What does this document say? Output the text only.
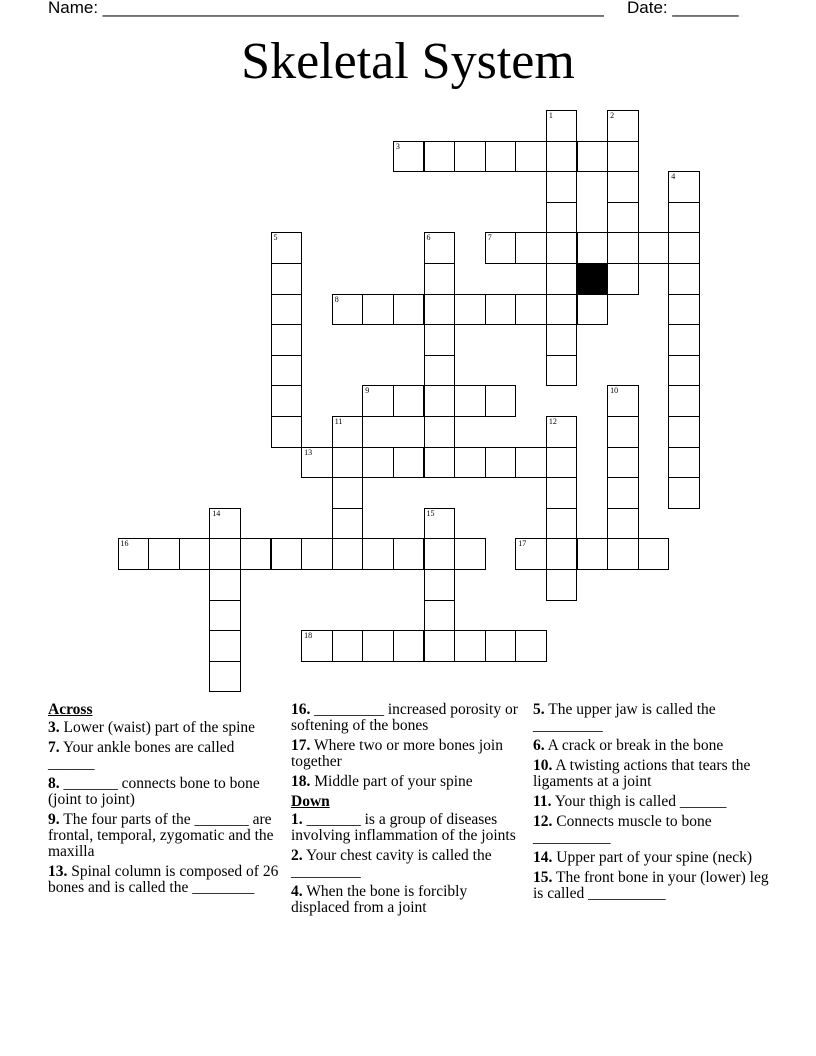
Name: _____________________________________________________ Date: _______
Skeletal System
1	2
3
4
5	6	7
8
9	10
11	12
13
14	15
16	17
18
Across
3. Lower (waist) part of the spine
7. Your ankle bones are called ______
8. _______ connects bone to bone (joint to joint)
9. The four parts of the _______ are frontal, temporal, zygomatic and the maxilla
13. Spinal column is composed of 26 bones and is called the ________
16. _________ increased porosity or softening of the bones
17. Where two or more bones join together
18. Middle part of your spine
Down
1. _______ is a group of diseases involving inflammation of the joints
2. Your chest cavity is called the _________
4. When the bone is forcibly displaced from a joint
5. The upper jaw is called the _________
6. A crack or break in the bone
10. A twisting actions that tears the ligaments at a joint
11. Your thigh is called ______
12. Connects muscle to bone __________
14. Upper part of your spine (neck)
15. The front bone in your (lower) leg is called __________
